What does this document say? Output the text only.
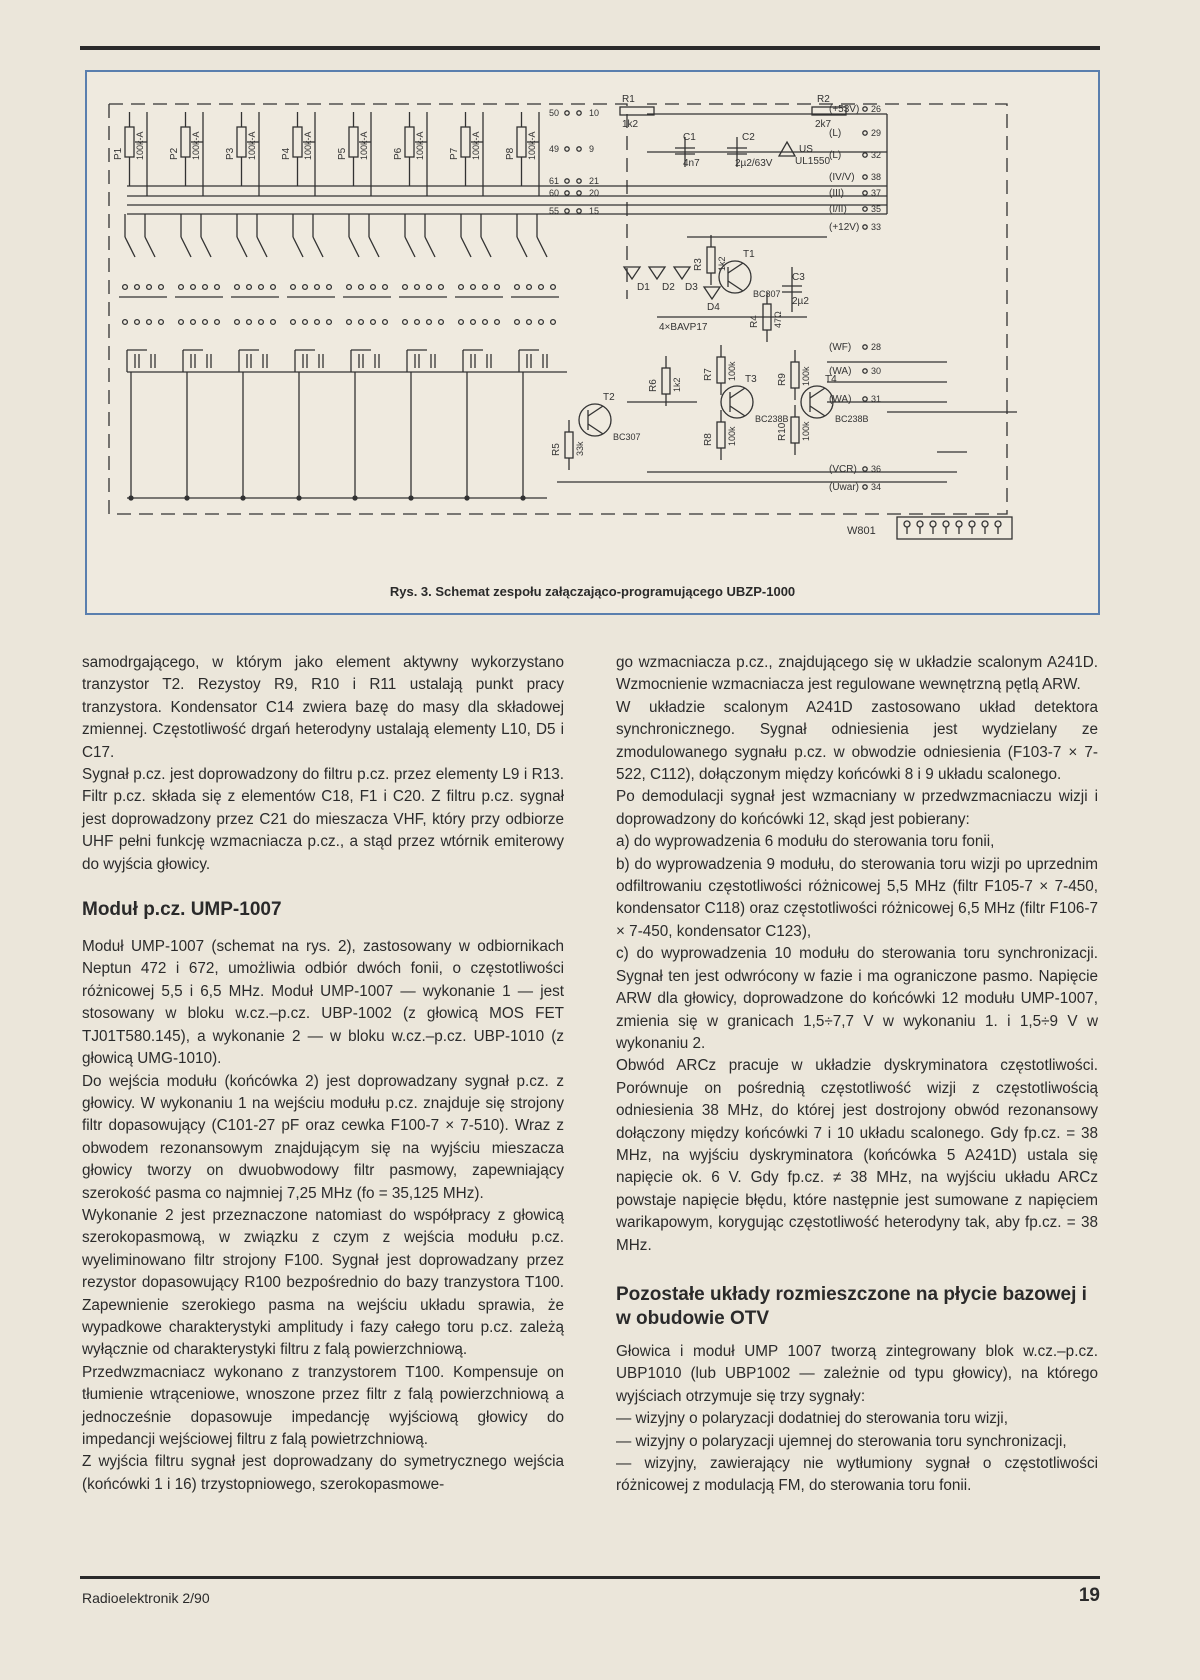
P1 100k-A P2 100k-A P3 100k-A P4 100k-A P5 100k-A P6 100k-A P7 100k-A P8 100k-A
W801
(+53V) 26
(L)	29
(L)	32
(IV/V) 38
(III)	37
(I/II)	35
(+12V) 33
(WF) 28
(WA) 30
(WA) 31
(VCR) 36
(Uwar) 34
R1
1k2
R2
2k7
C1
4n7
C2
2µ2/63V
US
UL1550
D1 D2 D3
D4
4×BAVP17
T1
BC307
T2
BC307
T3
BC238B
T4
BC238B
R3 1k2
R4 47Ω
R5 33k
R6 1k2
R7 100k
R8 100k
R9 100k
R10 100k
C3
2µ2
50
49
61
60
55
10
9
21
20
15
Rys. 3. Schemat zespołu załączająco-programującego UBZP-1000

samodrgającego, w którym jako element aktywny wykorzystano tranzystor T2. Rezystoy R9, R10 i R11 ustalają punkt pracy tranzystora. Kondensator C14 zwiera bazę do masy dla składowej zmiennej. Częstotliwość drgań heterodyny ustalają elementy L10, D5 i C17.

Sygnał p.cz. jest doprowadzony do filtru p.cz. przez elementy L9 i R13. Filtr p.cz. składa się z elementów C18, F1 i C20. Z filtru p.cz. sygnał jest doprowadzony przez C21 do mieszacza VHF, który przy odbiorze UHF pełni funkcję wzmacniacza p.cz., a stąd przez wtórnik emiterowy do wyjścia głowicy.

Moduł p.cz. UMP-1007

Moduł UMP-1007 (schemat na rys. 2), zastosowany w odbiornikach Neptun 472 i 672, umożliwia odbiór dwóch fonii, o częstotliwości różnicowej 5,5 i 6,5 MHz. Moduł UMP-1007 — wykonanie 1 — jest stosowany w bloku w.cz.–p.cz. UBP-1002 (z głowicą MOS FET TJ01T580.145), a wykonanie 2 — w bloku w.cz.–p.cz. UBP-1010 (z głowicą UMG-1010).

Do wejścia modułu (końcówka 2) jest doprowadzany sygnał p.cz. z głowicy. W wykonaniu 1 na wejściu modułu p.cz. znajduje się strojony filtr dopasowujący (C101-27 pF oraz cewka F100-7 × 7-510). Wraz z obwodem rezonansowym znajdującym się na wyjściu mieszacza głowicy tworzy on dwuobwodowy filtr pasmowy, zapewniający szerokość pasma co najmniej 7,25 MHz (fo = 35,125 MHz).

Wykonanie 2 jest przeznaczone natomiast do współpracy z głowicą szerokopasmową, w związku z czym z wejścia modułu p.cz. wyeliminowano filtr strojony F100. Sygnał jest doprowadzany przez rezystor dopasowujący R100 bezpośrednio do bazy tranzystora T100. Zapewnienie szerokiego pasma na wejściu układu sprawia, że wypadkowe charakterystyki amplitudy i fazy całego toru p.cz. zależą wyłącznie od charakterystyki filtru z falą powierzchniową.

Przedwzmacniacz wykonano z tranzystorem T100. Kompensuje on tłumienie wtrąceniowe, wnoszone przez filtr z falą powierzchniową a jednocześnie dopasowuje impedancję wyjściową głowicy do impedancji wejściowej filtru z falą powietrzchniową.

Z wyjścia filtru sygnał jest doprowadzany do symetrycznego wejścia (końcówki 1 i 16) trzystopniowego, szerokopasmowe-

go wzmacniacza p.cz., znajdującego się w układzie scalonym A241D. Wzmocnienie wzmacniacza jest regulowane wewnętrzną pętlą ARW.

W układzie scalonym A241D zastosowano układ detektora synchronicznego. Sygnał odniesienia jest wydzielany ze zmodulowanego sygnału p.cz. w obwodzie odniesienia (F103-7 × 7-522, C112), dołączonym między końcówki 8 i 9 układu scalonego.

Po demodulacji sygnał jest wzmacniany w przedwzmacniaczu wizji i doprowadzony do końcówki 12, skąd jest pobierany:

a) do wyprowadzenia 6 modułu do sterowania toru fonii,

b) do wyprowadzenia 9 modułu, do sterowania toru wizji po uprzednim odfiltrowaniu częstotliwości różnicowej 5,5 MHz (filtr F105-7 × 7-450, kondensator C118) oraz częstotliwości różnicowej 6,5 MHz (filtr F106-7 × 7-450, kondensator C123),

c) do wyprowadzenia 10 modułu do sterowania toru synchronizacji. Sygnał ten jest odwrócony w fazie i ma ograniczone pasmo. Napięcie ARW dla głowicy, doprowadzone do końcówki 12 modułu UMP-1007, zmienia się w granicach 1,5÷7,7 V w wykonaniu 1. i 1,5÷9 V w wykonaniu 2.

Obwód ARCz pracuje w układzie dyskryminatora częstotliwości. Porównuje on pośrednią częstotliwość wizji z częstotliwością odniesienia 38 MHz, do której jest dostrojony obwód rezonansowy dołączony między końcówki 7 i 10 układu scalonego. Gdy fp.cz. = 38 MHz, na wyjściu dyskryminatora (końcówka 5 A241D) ustala się napięcie ok. 6 V. Gdy fp.cz. ≠ 38 MHz, na wyjściu układu ARCz powstaje napięcie błędu, które następnie jest sumowane z napięciem warikapowym, korygując częstotliwość heterodyny tak, aby fp.cz. = 38 MHz.

Pozostałe układy rozmieszczone na płycie bazowej i w obudowie OTV

Głowica i moduł UMP 1007 tworzą zintegrowany blok w.cz.–p.cz. UBP1010 (lub UBP1002 — zależnie od typu głowicy), na którego wyjściach otrzymuje się trzy sygnały:

— wizyjny o polaryzacji dodatniej do sterowania toru wizji,

— wizyjny o polaryzacji ujemnej do sterowania toru synchronizacji,

— wizyjny, zawierający nie wytłumiony sygnał o częstotliwości różnicowej z modulacją FM, do sterowania toru fonii.

Radioelektronik 2/90	19
